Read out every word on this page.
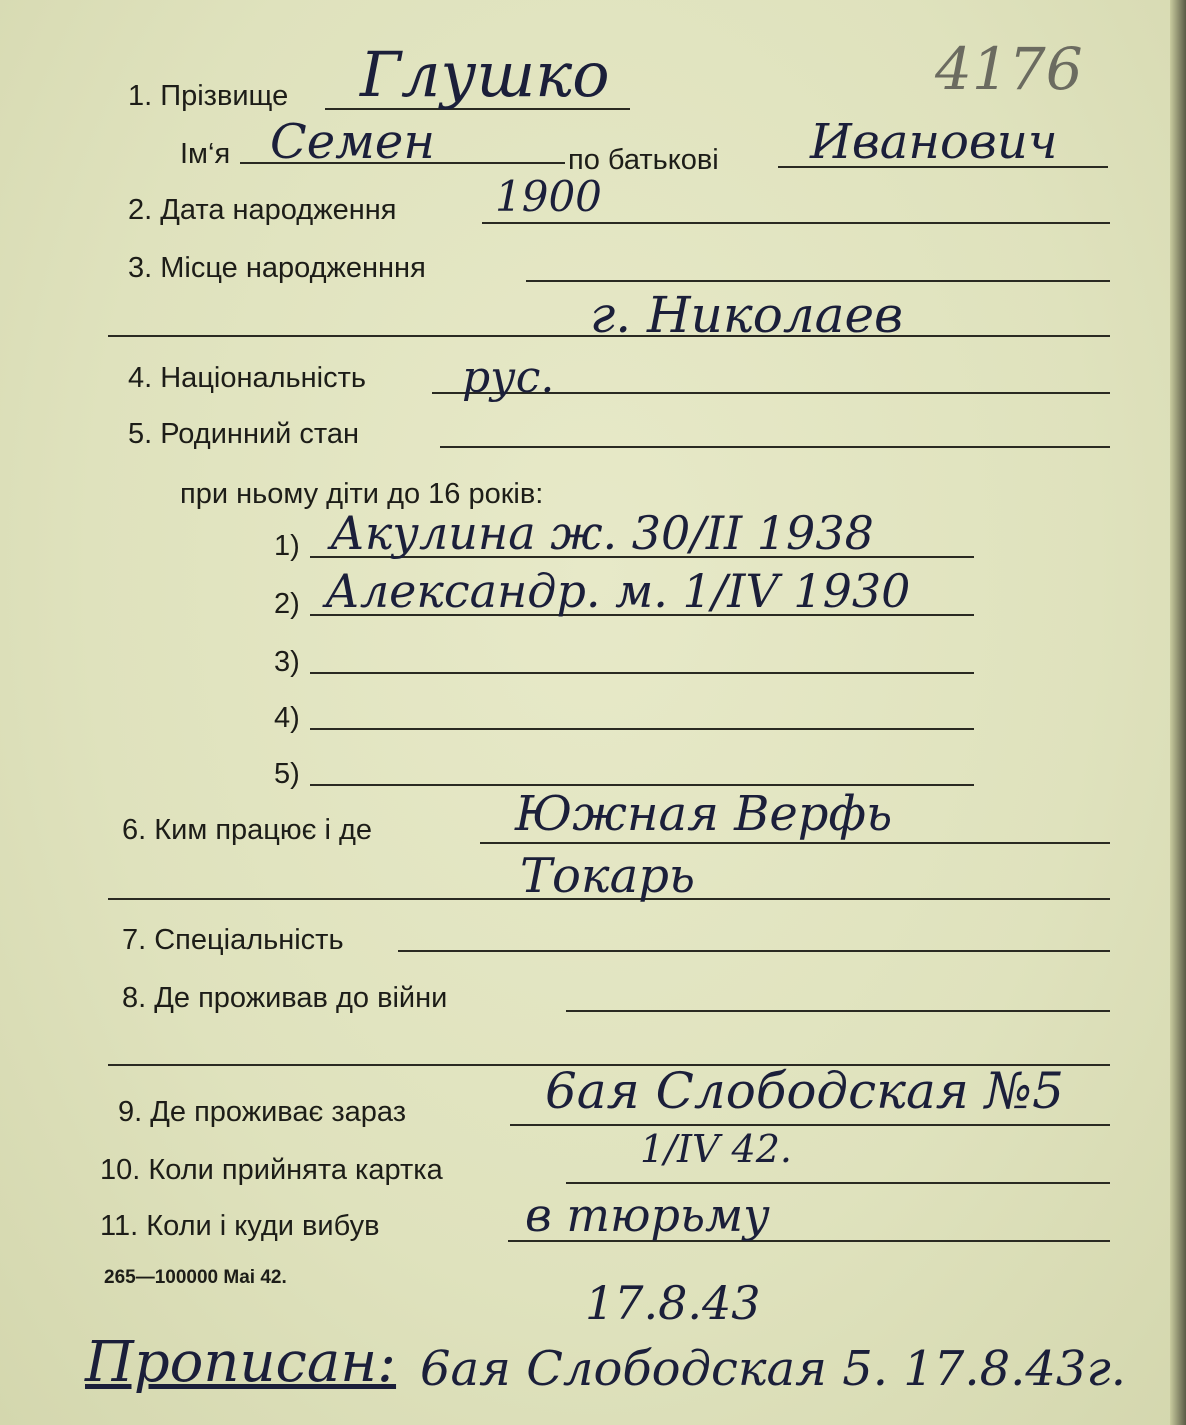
4176
1. Прізвище Глушко
Ім‘я Семен	по батькові Иванович
2. Дата народження 1900
3. Місце народженння
г. Николаев
4. Національність рус.
5. Родинний стан
при ньому діти до 16 років:
1) Акулина ж. 30/II 1938
2) Александр. м. 1/IV 1930
3)
4)
5)
6. Ким працює і де	Южная Верфь
Токарь
7. Спеціальність
8. Де проживав до війни
9. Де проживає зараз	6ая Слободская №5
10. Коли прийнята картка	1/IV 42.
11. Коли і куди вибув	в тюрьму
17.8.43
265—100000 Mai 42.
Прописан: 6ая Слободская 5. 17.8.43г.
